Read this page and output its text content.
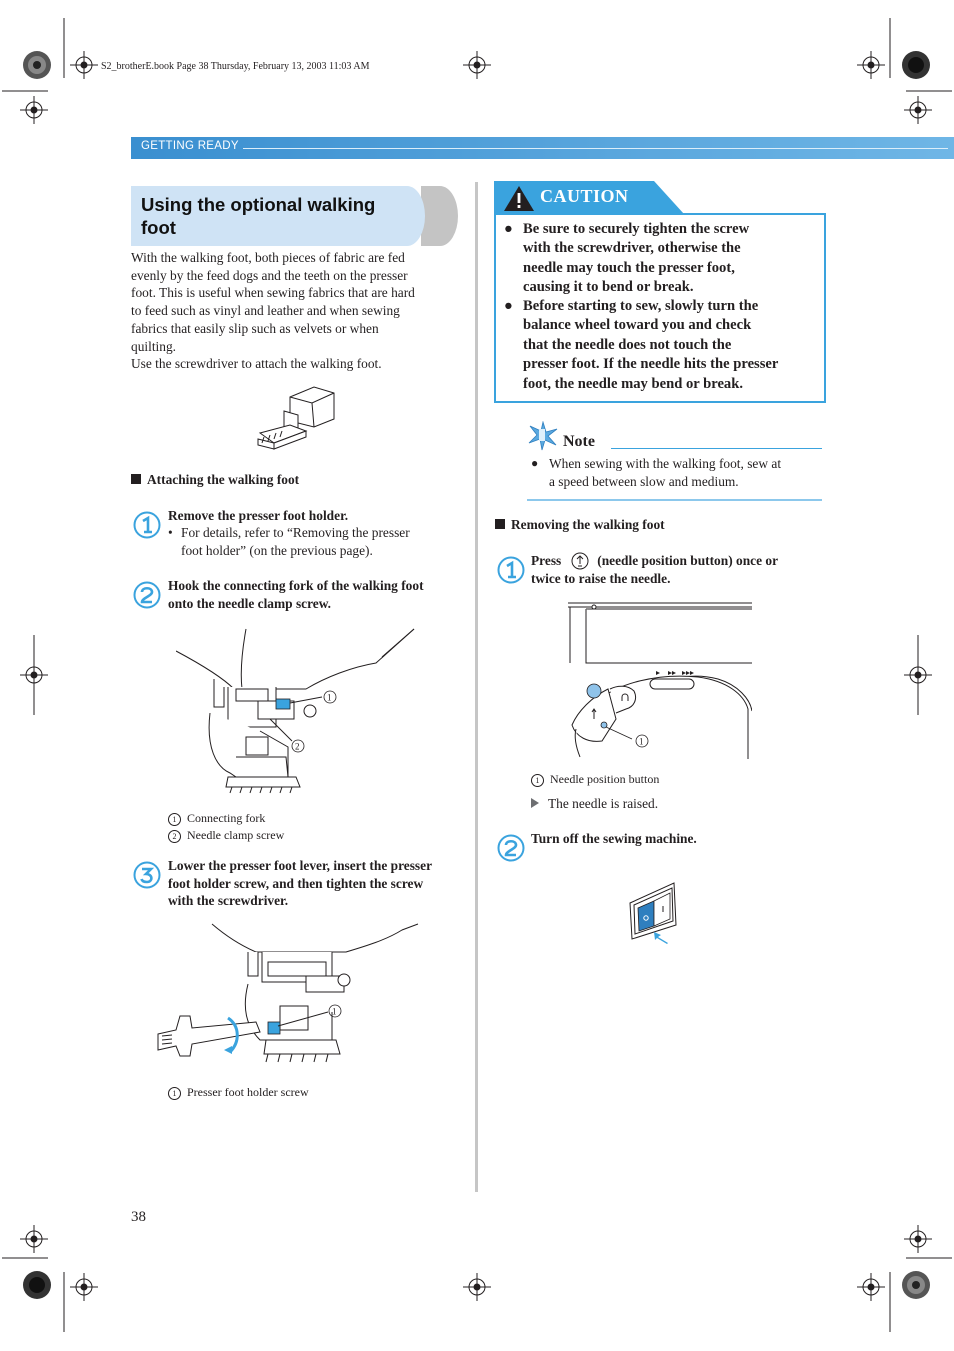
S2_brotherE.book Page 38 Thursday, February 13, 2003 11:03 AM
GETTING READY
Using the optional walking foot
With the walking foot, both pieces of fabric are fed
evenly by the feed dogs and the teeth on the presser
foot. This is useful when sewing fabrics that are hard
to feed such as vinyl and leather and when sewing
fabrics that easily slip such as velvets or when
quilting.
Use the screwdriver to attach the walking foot.
Attaching the walking foot
Remove the presser foot holder.
• For details, refer to “Removing the presser
foot holder” (on the previous page).
Hook the connecting fork of the walking foot
onto the needle clamp screw.
1
2
1 Connecting fork
2 Needle clamp screw
Lower the presser foot lever, insert the presser
foot holder screw, and then tighten the screw
with the screwdriver.
1
1 Presser foot holder screw
CAUTION
● Be sure to securely tighten the screw
with the screwdriver, otherwise the
needle may touch the presser foot,
causing it to bend or break.
● Before starting to sew, slowly turn the
balance wheel toward you and check
that the needle does not touch the
presser foot. If the needle hits the presser
foot, the needle may bend or break.
Note
● When sewing with the walking foot, sew at
a speed between slow and medium.
Removing the walking foot
Press	(needle position button) once or
twice to raise the needle.
1
1 Needle position button
The needle is raised.
Turn off the sewing machine.
38
